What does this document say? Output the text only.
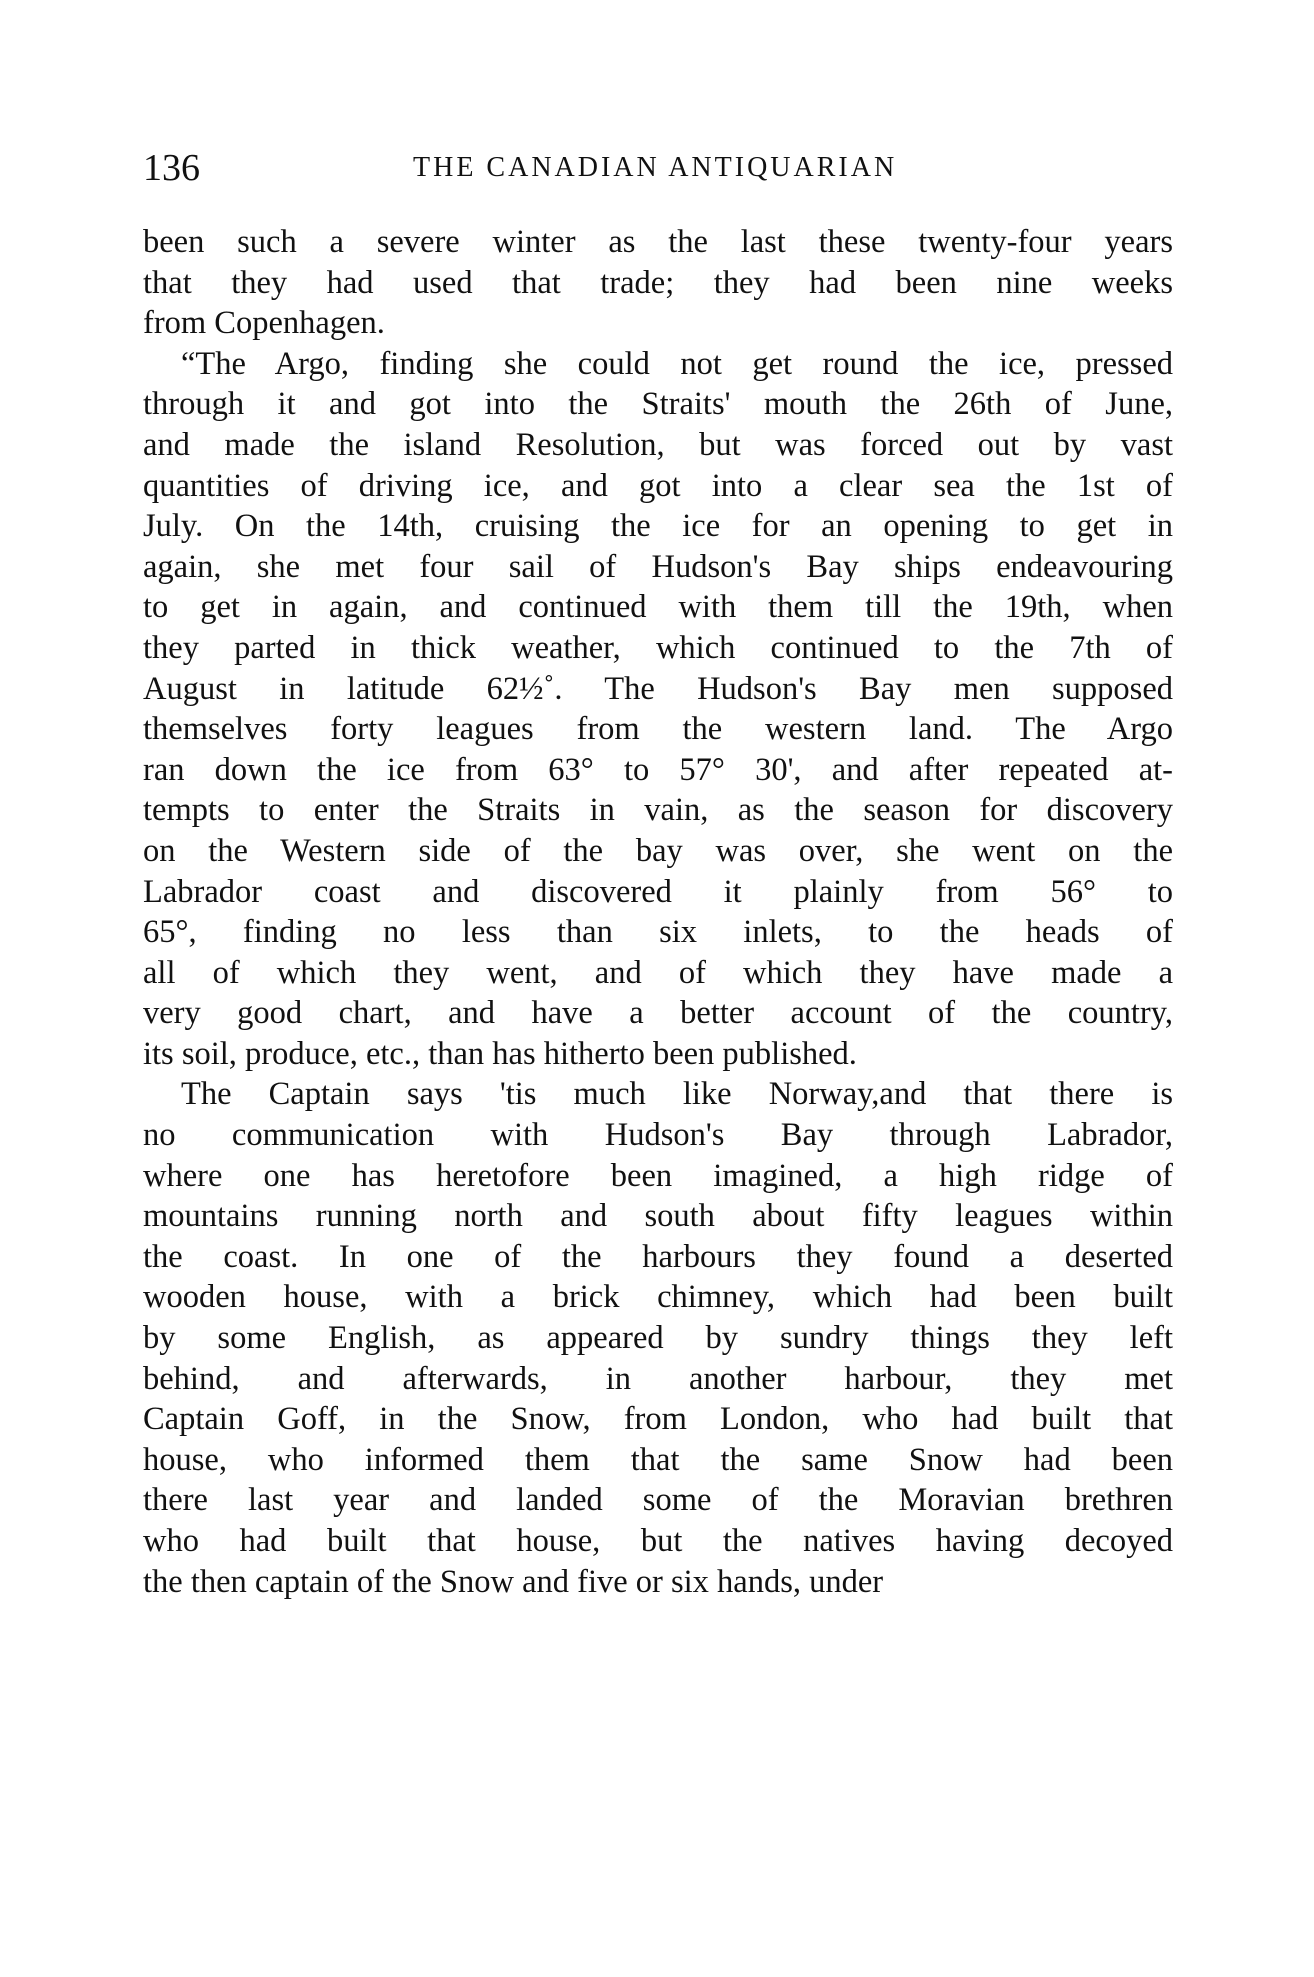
136	THE CANADIAN ANTIQUARIAN
been such a severe winter as the last these twenty-four years
that they had used that trade; they had been nine weeks
from Copenhagen.
“The Argo, finding she could not get round the ice, pressed
through it and got into the Straits' mouth the 26th of June,
and made the island Resolution, but was forced out by vast
quantities of driving ice, and got into a clear sea the 1st of
July. On the 14th, cruising the ice for an opening to get in
again, she met four sail of Hudson's Bay ships endeavouring
to get in again, and continued with them till the 19th, when
they parted in thick weather, which continued to the 7th of
August in latitude 62½˚. The Hudson's Bay men supposed
themselves forty leagues from the western land. The Argo
ran down the ice from 63° to 57° 30', and after repeated at-
tempts to enter the Straits in vain, as the season for discovery
on the Western side of the bay was over, she went on the
Labrador coast and discovered it plainly from 56° to
65°, finding no less than six inlets, to the heads of
all of which they went, and of which they have made a
very good chart, and have a better account of the country,
its soil, produce, etc., than has hitherto been published.
The Captain says 'tis much like Norway,and that there is
no communication with Hudson's Bay through Labrador,
where one has heretofore been imagined, a high ridge of
mountains running north and south about fifty leagues within
the coast. In one of the harbours they found a deserted
wooden house, with a brick chimney, which had been built
by some English, as appeared by sundry things they left
behind, and afterwards, in another harbour, they met
Captain Goff, in the Snow, from London, who had built that
house, who informed them that the same Snow had been
there last year and landed some of the Moravian brethren
who had built that house, but the natives having decoyed
the then captain of the Snow and five or six hands, under
